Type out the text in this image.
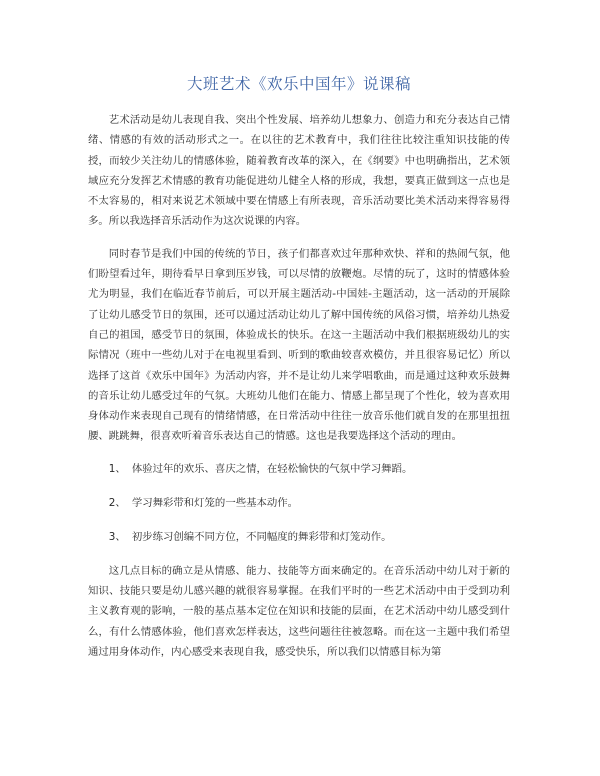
大班艺术《欢乐中国年》说课稿

艺术活动是幼儿表现自我、突出个性发展、培养幼儿想象力、创造力和充分表达自己情绪、情感的有效的活动形式之一。在以往的艺术教育中，我们往往比较注重知识技能的传授，而较少关注幼儿的情感体验，随着教育改革的深入，在《纲要》中也明确指出，艺术领域应充分发挥艺术情感的教育功能促进幼儿健全人格的形成，我想，要真正做到这一点也是不太容易的，相对来说艺术领域中要在情感上有所表现，音乐活动要比美术活动来得容易得多。所以我选择音乐活动作为这次说课的内容。

同时春节是我们中国的传统的节日，孩子们都喜欢过年那种欢快、祥和的热闹气氛，他们盼望看过年，期待看早日拿到压岁钱，可以尽情的放鞭炮。尽情的玩了，这时的情感体验尤为明显，我们在临近春节前后，可以开展主题活动-中国娃-主题活动，这一活动的开展除了让幼儿感受节日的氛围，还可以通过活动让幼儿了解中国传统的风俗习惯，培养幼儿热爱自己的祖国，感受节日的氛围，体验成长的快乐。在这一主题活动中我们根据班级幼儿的实际情况（班中一些幼儿对于在电视里看到、听到的歌曲较喜欢模仿，并且很容易记忆）所以选择了这首《欢乐中国年》为活动内容，并不是让幼儿来学唱歌曲，而是通过这种欢乐鼓舞的音乐让幼儿感受过年的气氛。大班幼儿他们在能力、情感上都呈现了个性化，较为喜欢用身体动作来表现自己现有的情绪情感，在日常活动中往往一放音乐他们就自发的在那里扭扭腰、跳跳舞，很喜欢听着音乐表达自己的情感。这也是我要选择这个活动的理由。

1、 体验过年的欢乐、喜庆之情，在轻松愉快的气氛中学习舞蹈。
2、 学习舞彩带和灯笼的一些基本动作。
3、 初步练习创编不同方位，不同幅度的舞彩带和灯笼动作。

这几点目标的确立是从情感、能力、技能等方面来确定的。在音乐活动中幼儿对于新的知识、技能只要是幼儿感兴趣的就很容易掌握。在我们平时的一些艺术活动中由于受到功利主义教育观的影响，一般的基点基本定位在知识和技能的层面，在艺术活动中幼儿感受到什么，有什么情感体验，他们喜欢怎样表达，这些问题往往被忽略。而在这一主题中我们希望通过用身体动作，内心感受来表现自我，感受快乐，所以我们以情感目标为第
